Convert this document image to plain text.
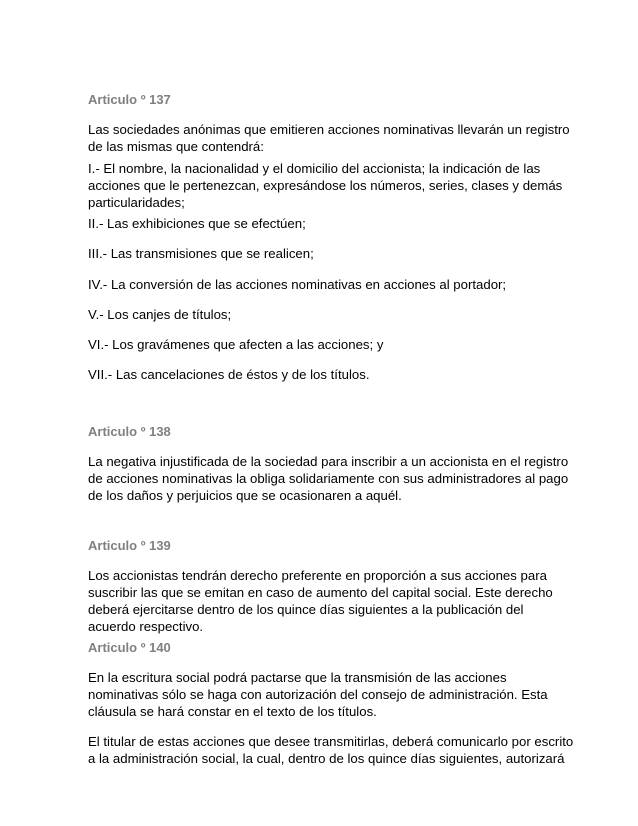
Articulo º 137

Las sociedades anónimas que emitieren acciones nominativas llevarán un registro
de las mismas que contendrá:

I.- El nombre, la nacionalidad y el domicilio del accionista; la indicación de las
acciones que le pertenezcan, expresándose los números, series, clases y demás
particularidades;

II.- Las exhibiciones que se efectúen;

III.- Las transmisiones que se realicen;

IV.- La conversión de las acciones nominativas en acciones al portador;

V.- Los canjes de títulos;

VI.- Los gravámenes que afecten a las acciones; y

VII.- Las cancelaciones de éstos y de los títulos.

Articulo º 138

La negativa injustificada de la sociedad para inscribir a un accionista en el registro
de acciones nominativas la obliga solidariamente con sus administradores al pago
de los daños y perjuicios que se ocasionaren a aquél.

Articulo º 139

Los accionistas tendrán derecho preferente en proporción a sus acciones para
suscribir las que se emitan en caso de aumento del capital social. Este derecho
deberá ejercitarse dentro de los quince días siguientes a la publicación del
acuerdo respectivo.

Articulo º 140

En la escritura social podrá pactarse que la transmisión de las acciones
nominativas sólo se haga con autorización del consejo de administración. Esta
cláusula se hará constar en el texto de los títulos.

El titular de estas acciones que desee transmitirlas, deberá comunicarlo por escrito
a la administración social, la cual, dentro de los quince días siguientes, autorizará
